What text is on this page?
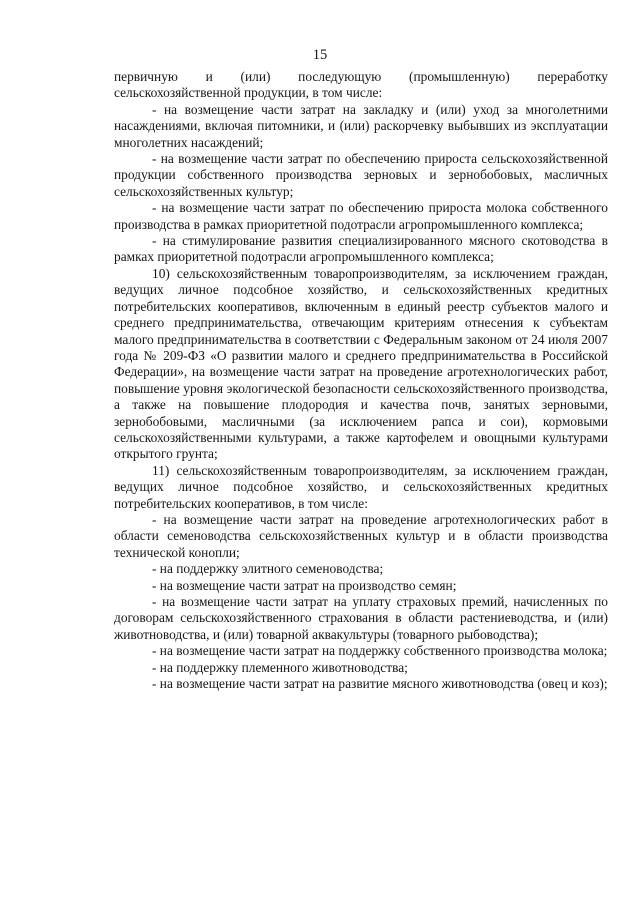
15

первичную и (или) последующую (промышленную) переработку сельскохозяйственной продукции, в том числе:

- на возмещение части затрат на закладку и (или) уход за многолетними насаждениями, включая питомники, и (или) раскорчевку выбывших из эксплуатации многолетних насаждений;

- на возмещение части затрат по обеспечению прироста сельскохозяйственной продукции собственного производства зерновых и зернобобовых, масличных сельскохозяйственных культур;

- на возмещение части затрат по обеспечению прироста молока собственного производства в рамках приоритетной подотрасли агропромышленного комплекса;

- на стимулирование развития специализированного мясного скотоводства в рамках приоритетной подотрасли агропромышленного комплекса;

10) сельскохозяйственным товаропроизводителям, за исключением граждан, ведущих личное подсобное хозяйство, и сельскохозяйственных кредитных потребительских кооперативов, включенным в единый реестр субъектов малого и среднего предпринимательства, отвечающим критериям отнесения к субъектам малого предпринимательства в соответствии с Федеральным законом от 24 июля 2007 года № 209-ФЗ «О развитии малого и среднего предпринимательства в Российской Федерации», на возмещение части затрат на проведение агротехнологических работ, повышение уровня экологической безопасности сельскохозяйственного производства, а также на повышение плодородия и качества почв, занятых зерновыми, зернобобовыми, масличными (за исключением рапса и сои), кормовыми сельскохозяйственными культурами, а также картофелем и овощными культурами открытого грунта;

11) сельскохозяйственным товаропроизводителям, за исключением граждан, ведущих личное подсобное хозяйство, и сельскохозяйственных кредитных потребительских кооперативов, в том числе:

- на возмещение части затрат на проведение агротехнологических работ в области семеноводства сельскохозяйственных культур и в области производства технической конопли;

- на поддержку элитного семеноводства;

- на возмещение части затрат на производство семян;

- на возмещение части затрат на уплату страховых премий, начисленных по договорам сельскохозяйственного страхования в области растениеводства, и (или) животноводства, и (или) товарной аквакультуры (товарного рыбоводства);

- на возмещение части затрат на поддержку собственного производства молока;

- на поддержку племенного животноводства;

- на возмещение части затрат на развитие мясного животноводства (овец и коз);
